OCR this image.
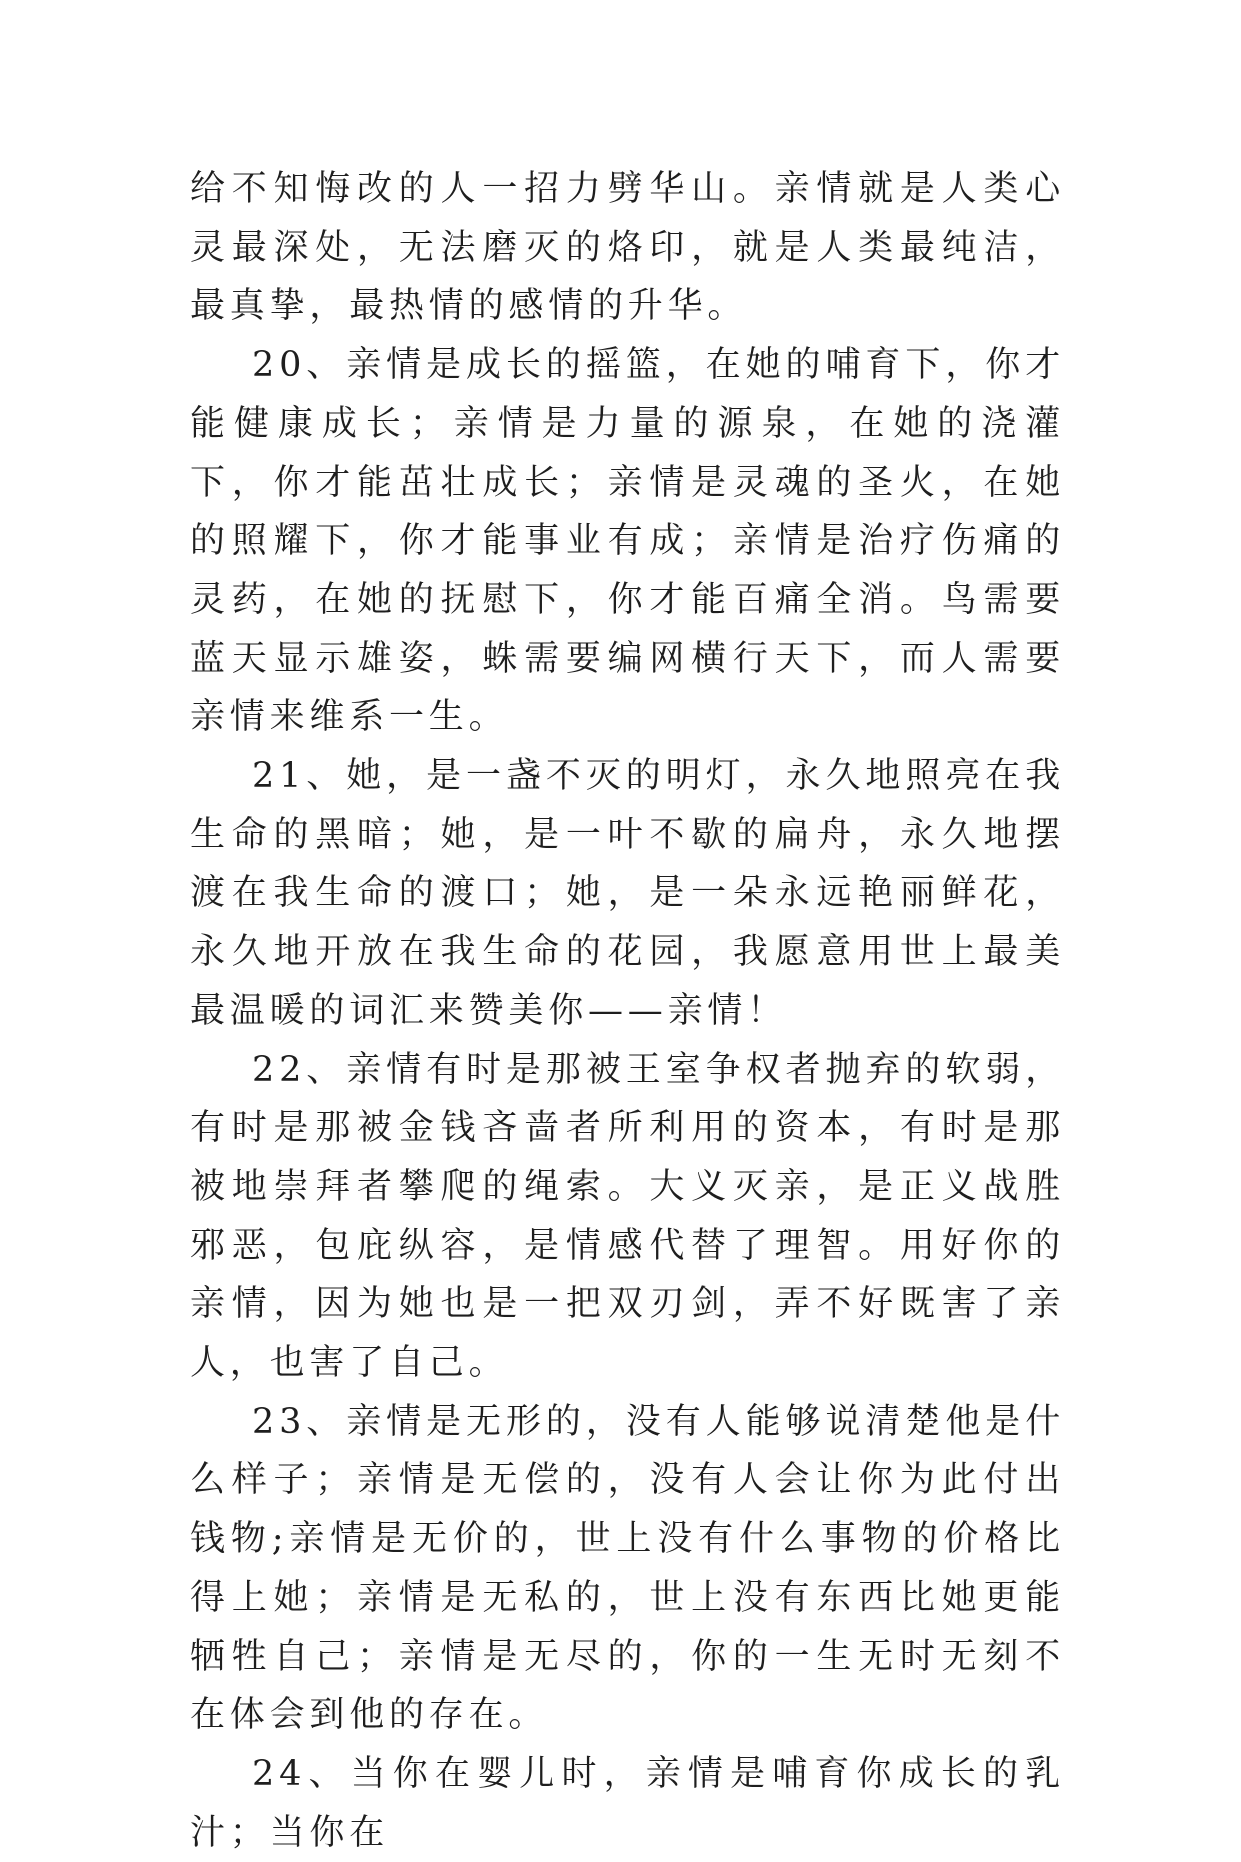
给不知悔改的人一招力劈华山。亲情就是人类心灵最深处，无法磨灭的烙印，就是人类最纯洁，最真挚，最热情的感情的升华。

20、亲情是成长的摇篮，在她的哺育下，你才能健康成长；亲情是力量的源泉，在她的浇灌下，你才能茁壮成长；亲情是灵魂的圣火，在她的照耀下，你才能事业有成；亲情是治疗伤痛的灵药，在她的抚慰下，你才能百痛全消。鸟需要蓝天显示雄姿，蛛需要编网横行天下，而人需要亲情来维系一生。

21、她，是一盏不灭的明灯，永久地照亮在我生命的黑暗；她，是一叶不歇的扁舟，永久地摆渡在我生命的渡口；她，是一朵永远艳丽鲜花，永久地开放在我生命的花园，我愿意用世上最美最温暖的词汇来赞美你——亲情！

22、亲情有时是那被王室争权者抛弃的软弱，有时是那被金钱吝啬者所利用的资本，有时是那被地崇拜者攀爬的绳索。大义灭亲，是正义战胜邪恶，包庇纵容，是情感代替了理智。用好你的亲情，因为她也是一把双刃剑，弄不好既害了亲人，也害了自己。

23、亲情是无形的，没有人能够说清楚他是什么样子；亲情是无偿的，没有人会让你为此付出钱物;亲情是无价的，世上没有什么事物的价格比得上她；亲情是无私的，世上没有东西比她更能牺牲自己；亲情是无尽的，你的一生无时无刻不在体会到他的存在。

24、当你在婴儿时，亲情是哺育你成长的乳汁；当你在
